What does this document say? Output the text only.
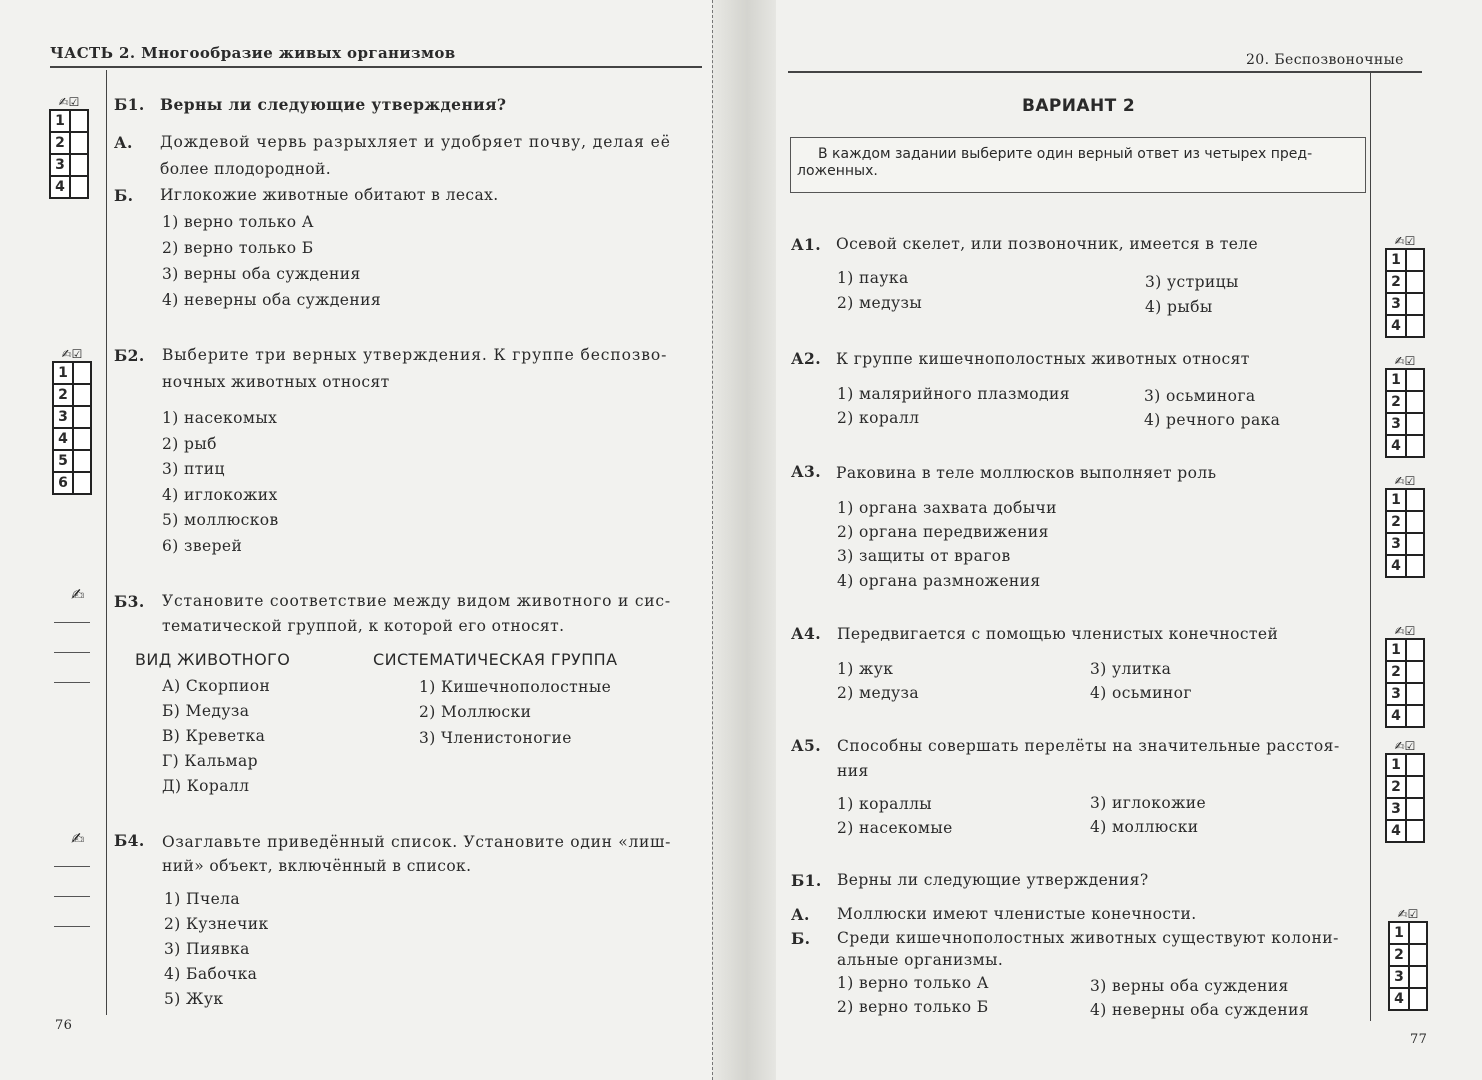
ЧАСТЬ 2. Многообразие живых организмов
✍☑
1
2
3
4
Б1. Верны ли следующие утверждения?
А. Дождевой червь разрыхляет и удобряет почву, делая её
более плодородной.
Б. Иглокожие животные обитают в лесах.
1) верно только А
2) верно только Б
3) верны оба суждения
4) неверны оба суждения
✍☑
1
2
3
4
5
6
Б2. Выберите три верных утверждения. К группе беспозво-
ночных животных относят
1) насекомых
2) рыб
3) птиц
4) иглокожих
5) моллюсков
6) зверей
✍ Б3. Установите соответствие между видом животного и сис-
тематической группой, к которой его относят.
ВИД ЖИВОТНОГО	СИСТЕМАТИЧЕСКАЯ ГРУППА
А) Скорпион
Б) Медуза
В) Креветка
Г) Кальмар
Д) Коралл
1) Кишечнополостные
2) Моллюски
3) Членистоногие
✍ Б4. Озаглавьте приведённый список. Установите один «лиш-
ний» объект, включённый в список.
1) Пчела
2) Кузнечик
3) Пиявка
4) Бабочка
5) Жук
76
20. Беспозвоночные
ВАРИАНТ 2
В каждом задании выберите один верный ответ из четырех пред-
ложенных.
А1. Осевой скелет, или позвоночник, имеется в теле
1) паука
2) медузы
3) устрицы
4) рыбы
✍☑
1
2
3
4
А2. К группе кишечнополостных животных относят
1) малярийного плазмодия
2) коралл
3) осьминога
4) речного рака
✍☑
1
2
3
4
А3. Раковина в теле моллюсков выполняет роль
1) органа захвата добычи
2) органа передвижения
3) защиты от врагов
4) органа размножения
✍☑
1
2
3
4
А4. Передвигается с помощью членистых конечностей
1) жук
2) медуза
3) улитка
4) осьминог
✍☑
1
2
3
4
А5. Способны совершать перелёты на значительные расстоя-
ния
1) кораллы
2) насекомые
3) иглокожие
4) моллюски
✍☑
1
2
3
4
Б1. Верны ли следующие утверждения?
А. Моллюски имеют членистые конечности.
Б. Среди кишечнополостных животных существуют колони-
альные организмы.
1) верно только А
2) верно только Б
3) верны оба суждения
4) неверны оба суждения
✍☑
1
2
3
4
77
